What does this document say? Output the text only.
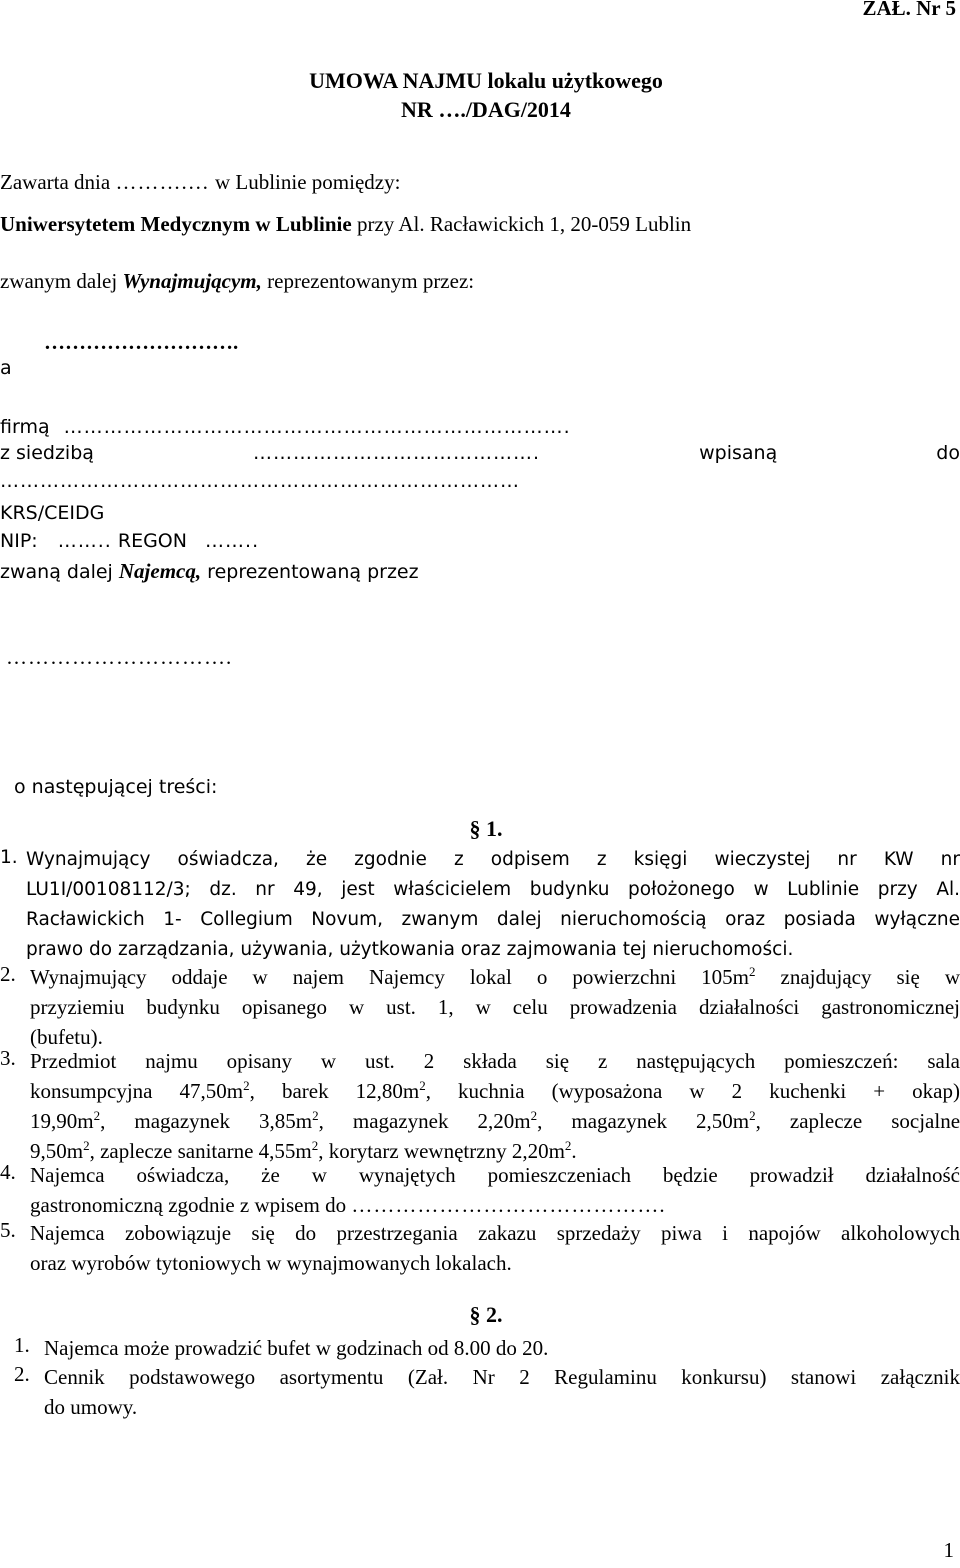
ZAŁ. Nr 5
UMOWA NAJMU lokalu użytkowego
NR …./DAG/2014
Zawarta dnia ……….… w Lublinie pomiędzy:
Uniwersytetem Medycznym w Lublinie przy Al. Racławickich 1, 20-059 Lublin
zwanym dalej Wynajmującym, reprezentowanym przez:
……………………….
a
firmą ………………………………………………………………….
z siedzibą	…………………………………….	wpisaną	do
……………………………………………………………………
KRS/CEIDG
NIP: …….. REGON ……..
zwaną dalej Najemcą, reprezentowaną przez
………………………….
o następującej treści:
§ 1.
1. Wynajmujący oświadcza, że zgodnie z odpisem z księgi wieczystej nr KW nr
LU1I/00108112/3; dz. nr 49, jest właścicielem budynku położonego w Lublinie przy Al.
Racławickich 1- Collegium Novum, zwanym dalej nieruchomością oraz posiada wyłączne
prawo do zarządzania, używania, użytkowania oraz zajmowania tej nieruchomości.
2. Wynajmujący oddaje w najem Najemcy lokal o powierzchni $105m^2$ znajdujący się w
przyziemiu budynku opisanego w ust. 1, w celu prowadzenia działalności gastronomicznej
(bufetu).
3. Przedmiot najmu opisany w ust. 2 składa się z następujących pomieszczeń: sala
konsumpcyjna $47,50m^2$, barek $12,80m^2$, kuchnia (wyposażona w 2 kuchenki + okap)
$19,90m^2$, magazynek $3,85m^2$, magazynek $2,20m^2$, magazynek $2,50m^2$, zaplecze socjalne
$9,50m^2$, zaplecze sanitarne $4,55m^2$, korytarz wewnętrzny $2,20m^2$.
4. Najemca oświadcza, że w wynajętych pomieszczeniach będzie prowadził działalność
gastronomiczną zgodnie z wpisem do …………………………………….
5. Najemca zobowiązuje się do przestrzegania zakazu sprzedaży piwa i napojów alkoholowych
oraz wyrobów tytoniowych w wynajmowanych lokalach.
§ 2.
1. Najemca może prowadzić bufet w godzinach od 8.00 do 20.
2. Cennik podstawowego asortymentu (Zał. Nr 2 Regulaminu konkursu) stanowi załącznik
do umowy.
1
